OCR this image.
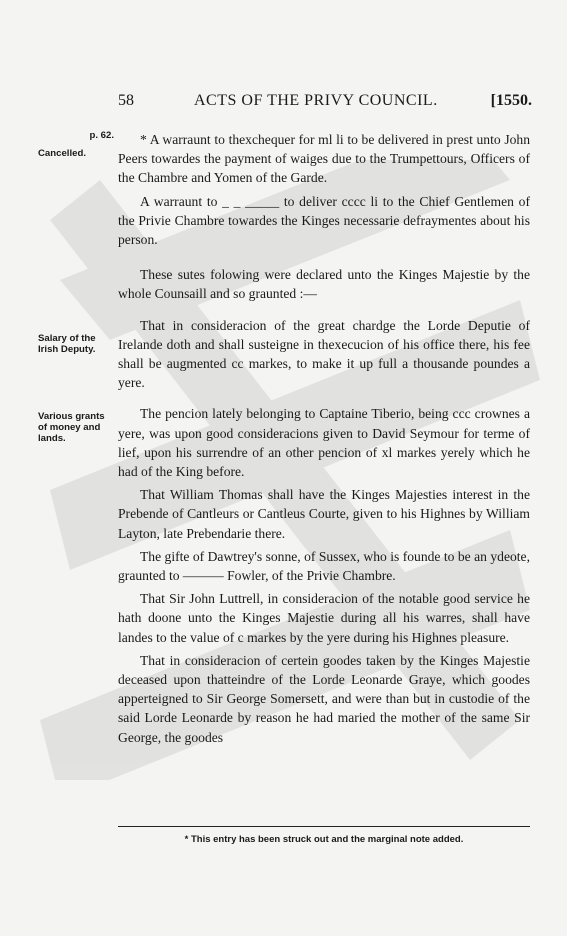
58	ACTS OF THE PRIVY COUNCIL.	[1550.
p. 62.
Cancelled.
Salary of the Irish Deputy.
Various grants of money and lands.

* A warraunt to thexchequer for ml li to be delivered in prest unto John Peers towardes the payment of waiges due to the Trumpettours, Officers of the Chambre and Yomen of the Garde.

A warraunt to _ _ _____ to deliver cccc li to the Chief Gentlemen of the Privie Chambre towardes the Kinges necessarie defraymentes about his person.

These sutes folowing were declared unto the Kinges Majestie by the whole Counsaill and so graunted :—

That in consideracion of the great chardge the Lorde Deputie of Irelande doth and shall susteigne in thexecucion of his office there, his fee shall be augmented cc markes, to make it up full a thousande poundes a yere.

The pencion lately belonging to Captaine Tiberio, being ccc crownes a yere, was upon good consideracions given to David Seymour for terme of lief, upon his surrendre of an other pencion of xl markes yerely which he had of the King before.

That William Thomas shall have the Kinges Majesties interest in the Prebende of Cantleurs or Cantleus Courte, given to his Highnes by William Layton, late Prebendarie there.

The gifte of Dawtrey's sonne, of Sussex, who is founde to be an ydeote, graunted to ——— Fowler, of the Privie Chambre.

That Sir John Luttrell, in consideracion of the notable good service he hath doone unto the Kinges Majestie during all his warres, shall have landes to the value of c markes by the yere during his Highnes pleasure.

That in consideracion of certein goodes taken by the Kinges Majestie deceased upon thatteindre of the Lorde Leonarde Graye, which goodes apperteigned to Sir George Somersett, and were than but in custodie of the said Lorde Leonarde by reason he had maried the mother of the same Sir George, the goodes

* This entry has been struck out and the marginal note added.
